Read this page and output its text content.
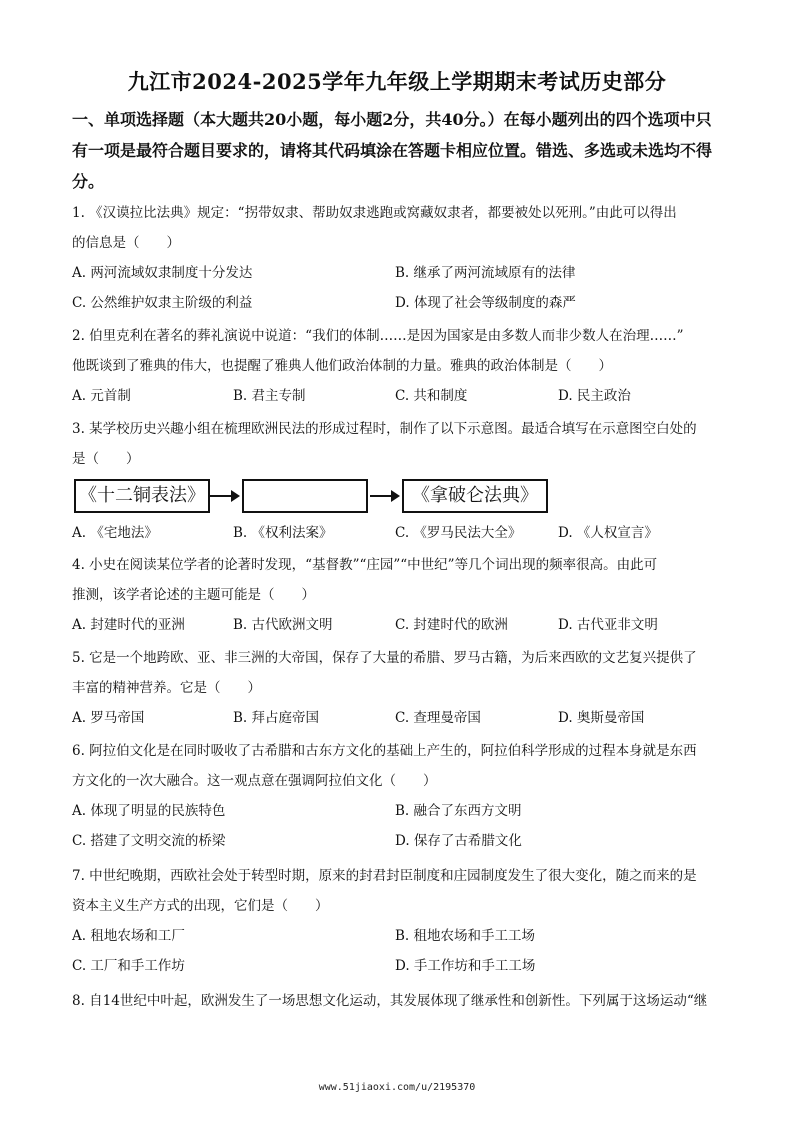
九江市2024-2025学年九年级上学期期末考试历史部分
一、单项选择题（本大题共20小题，每小题2分，共40分。）在每小题列出的四个选项中只
有一项是最符合题目要求的，请将其代码填涂在答题卡相应位置。错选、多选或未选均不得
分。
1. 《汉谟拉比法典》规定：“拐带奴隶、帮助奴隶逃跑或窝藏奴隶者，都要被处以死刑。”由此可以得出
的信息是（　　）
A. 两河流域奴隶制度十分发达	B. 继承了两河流域原有的法律
C. 公然维护奴隶主阶级的利益	D. 体现了社会等级制度的森严
2. 伯里克利在著名的葬礼演说中说道：“我们的体制……是因为国家是由多数人而非少数人在治理……”
他既谈到了雅典的伟大，也提醒了雅典人他们政治体制的力量。雅典的政治体制是（　　）
A. 元首制	B. 君主专制	C. 共和制度	D. 民主政治
3. 某学校历史兴趣小组在梳理欧洲民法的形成过程时，制作了以下示意图。最适合填写在示意图空白处的
是（　　）
《十二铜表法》	《拿破仑法典》
A. 《宅地法》	B. 《权利法案》	C. 《罗马民法大全》	D. 《人权宣言》
4. 小史在阅读某位学者的论著时发现，“基督教”“庄园”“中世纪”等几个词出现的频率很高。由此可
推测，该学者论述的主题可能是（　　）
A. 封建时代的亚洲	B. 古代欧洲文明	C. 封建时代的欧洲	D. 古代亚非文明
5. 它是一个地跨欧、亚、非三洲的大帝国，保存了大量的希腊、罗马古籍，为后来西欧的文艺复兴提供了
丰富的精神营养。它是（　　）
A. 罗马帝国	B. 拜占庭帝国	C. 查理曼帝国	D. 奥斯曼帝国
6. 阿拉伯文化是在同时吸收了古希腊和古东方文化的基础上产生的，阿拉伯科学形成的过程本身就是东西
方文化的一次大融合。这一观点意在强调阿拉伯文化（　　）
A. 体现了明显的民族特色	B. 融合了东西方文明
C. 搭建了文明交流的桥梁	D. 保存了古希腊文化
7. 中世纪晚期，西欧社会处于转型时期，原来的封君封臣制度和庄园制度发生了很大变化，随之而来的是
资本主义生产方式的出现，它们是（　　）
A. 租地农场和工厂	B. 租地农场和手工工场
C. 工厂和手工作坊	D. 手工作坊和手工工场
8. 自14世纪中叶起，欧洲发生了一场思想文化运动，其发展体现了继承性和创新性。下列属于这场运动“继
www.51jiaoxi.com/u/2195370
